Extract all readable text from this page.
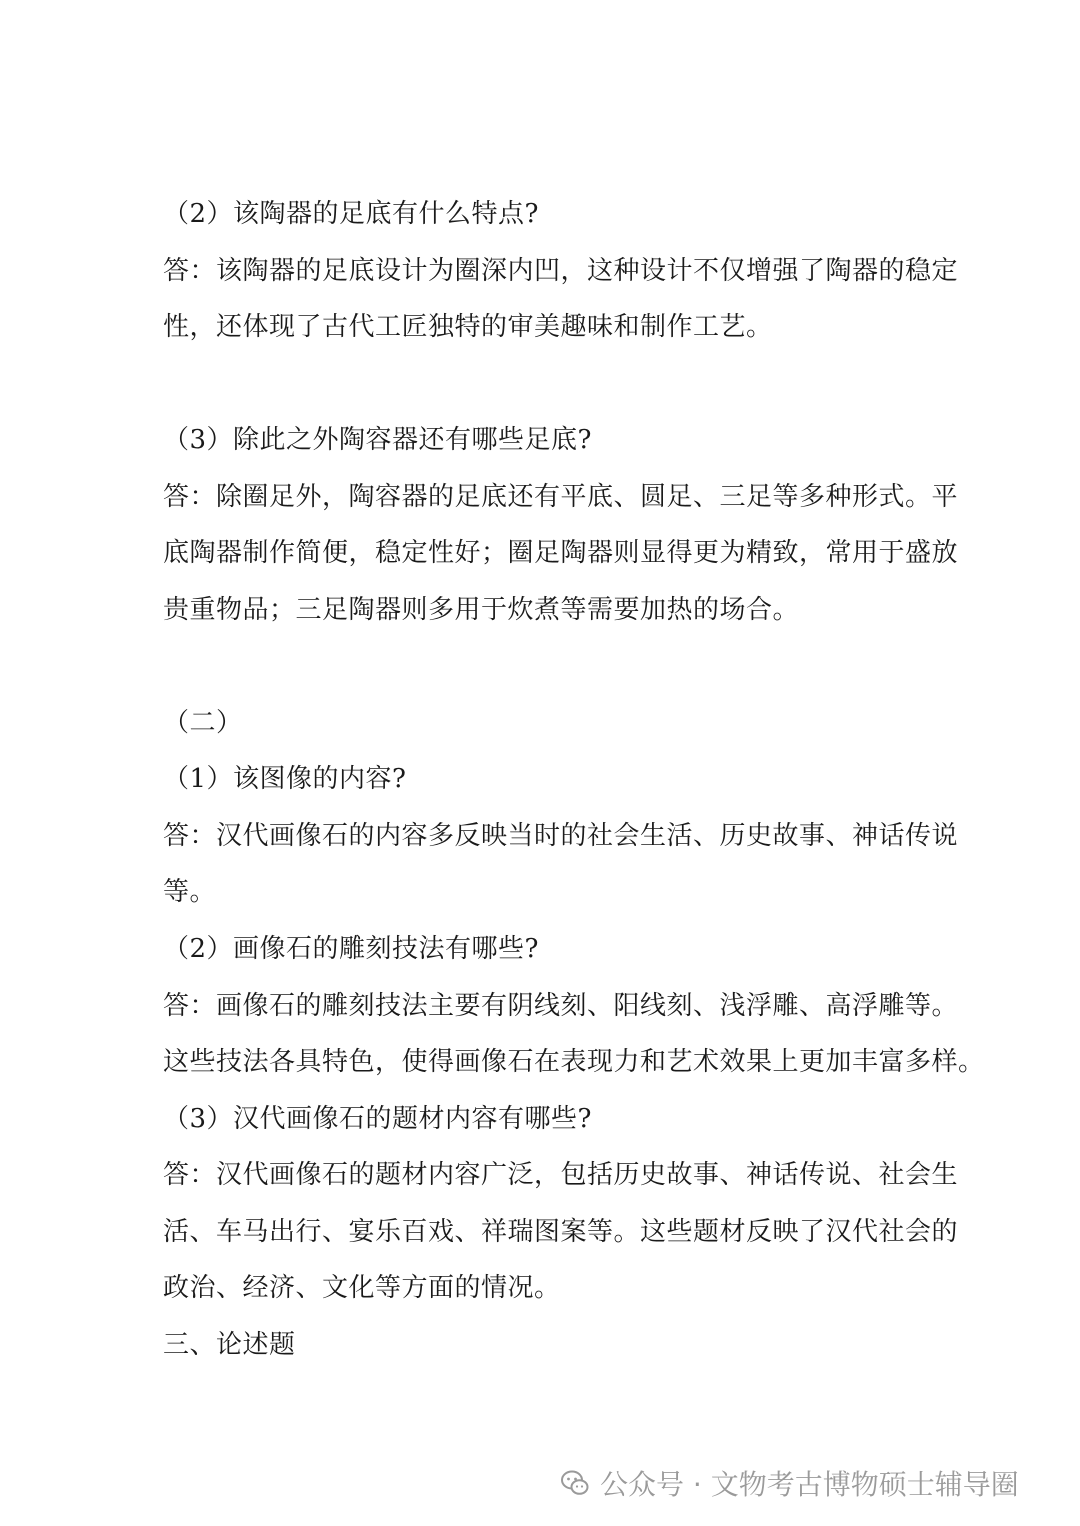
（2）该陶器的足底有什么特点?
答：该陶器的足底设计为圈深内凹，这种设计不仅增强了陶器的稳定
性，还体现了古代工匠独特的审美趣味和制作工艺。
（3）除此之外陶容器还有哪些足底?
答：除圈足外，陶容器的足底还有平底、圆足、三足等多种形式。平
底陶器制作简便，稳定性好；圈足陶器则显得更为精致，常用于盛放
贵重物品；三足陶器则多用于炊煮等需要加热的场合。
（二）
（1）该图像的内容?
答：汉代画像石的内容多反映当时的社会生活、历史故事、神话传说
等。
（2）画像石的雕刻技法有哪些?
答：画像石的雕刻技法主要有阴线刻、阳线刻、浅浮雕、高浮雕等。
这些技法各具特色，使得画像石在表现力和艺术效果上更加丰富多样。
（3）汉代画像石的题材内容有哪些?
答：汉代画像石的题材内容广泛，包括历史故事、神话传说、社会生
活、车马出行、宴乐百戏、祥瑞图案等。这些题材反映了汉代社会的
政治、经济、文化等方面的情况。
三、论述题
公众号 · 文物考古博物硕士辅导圈
